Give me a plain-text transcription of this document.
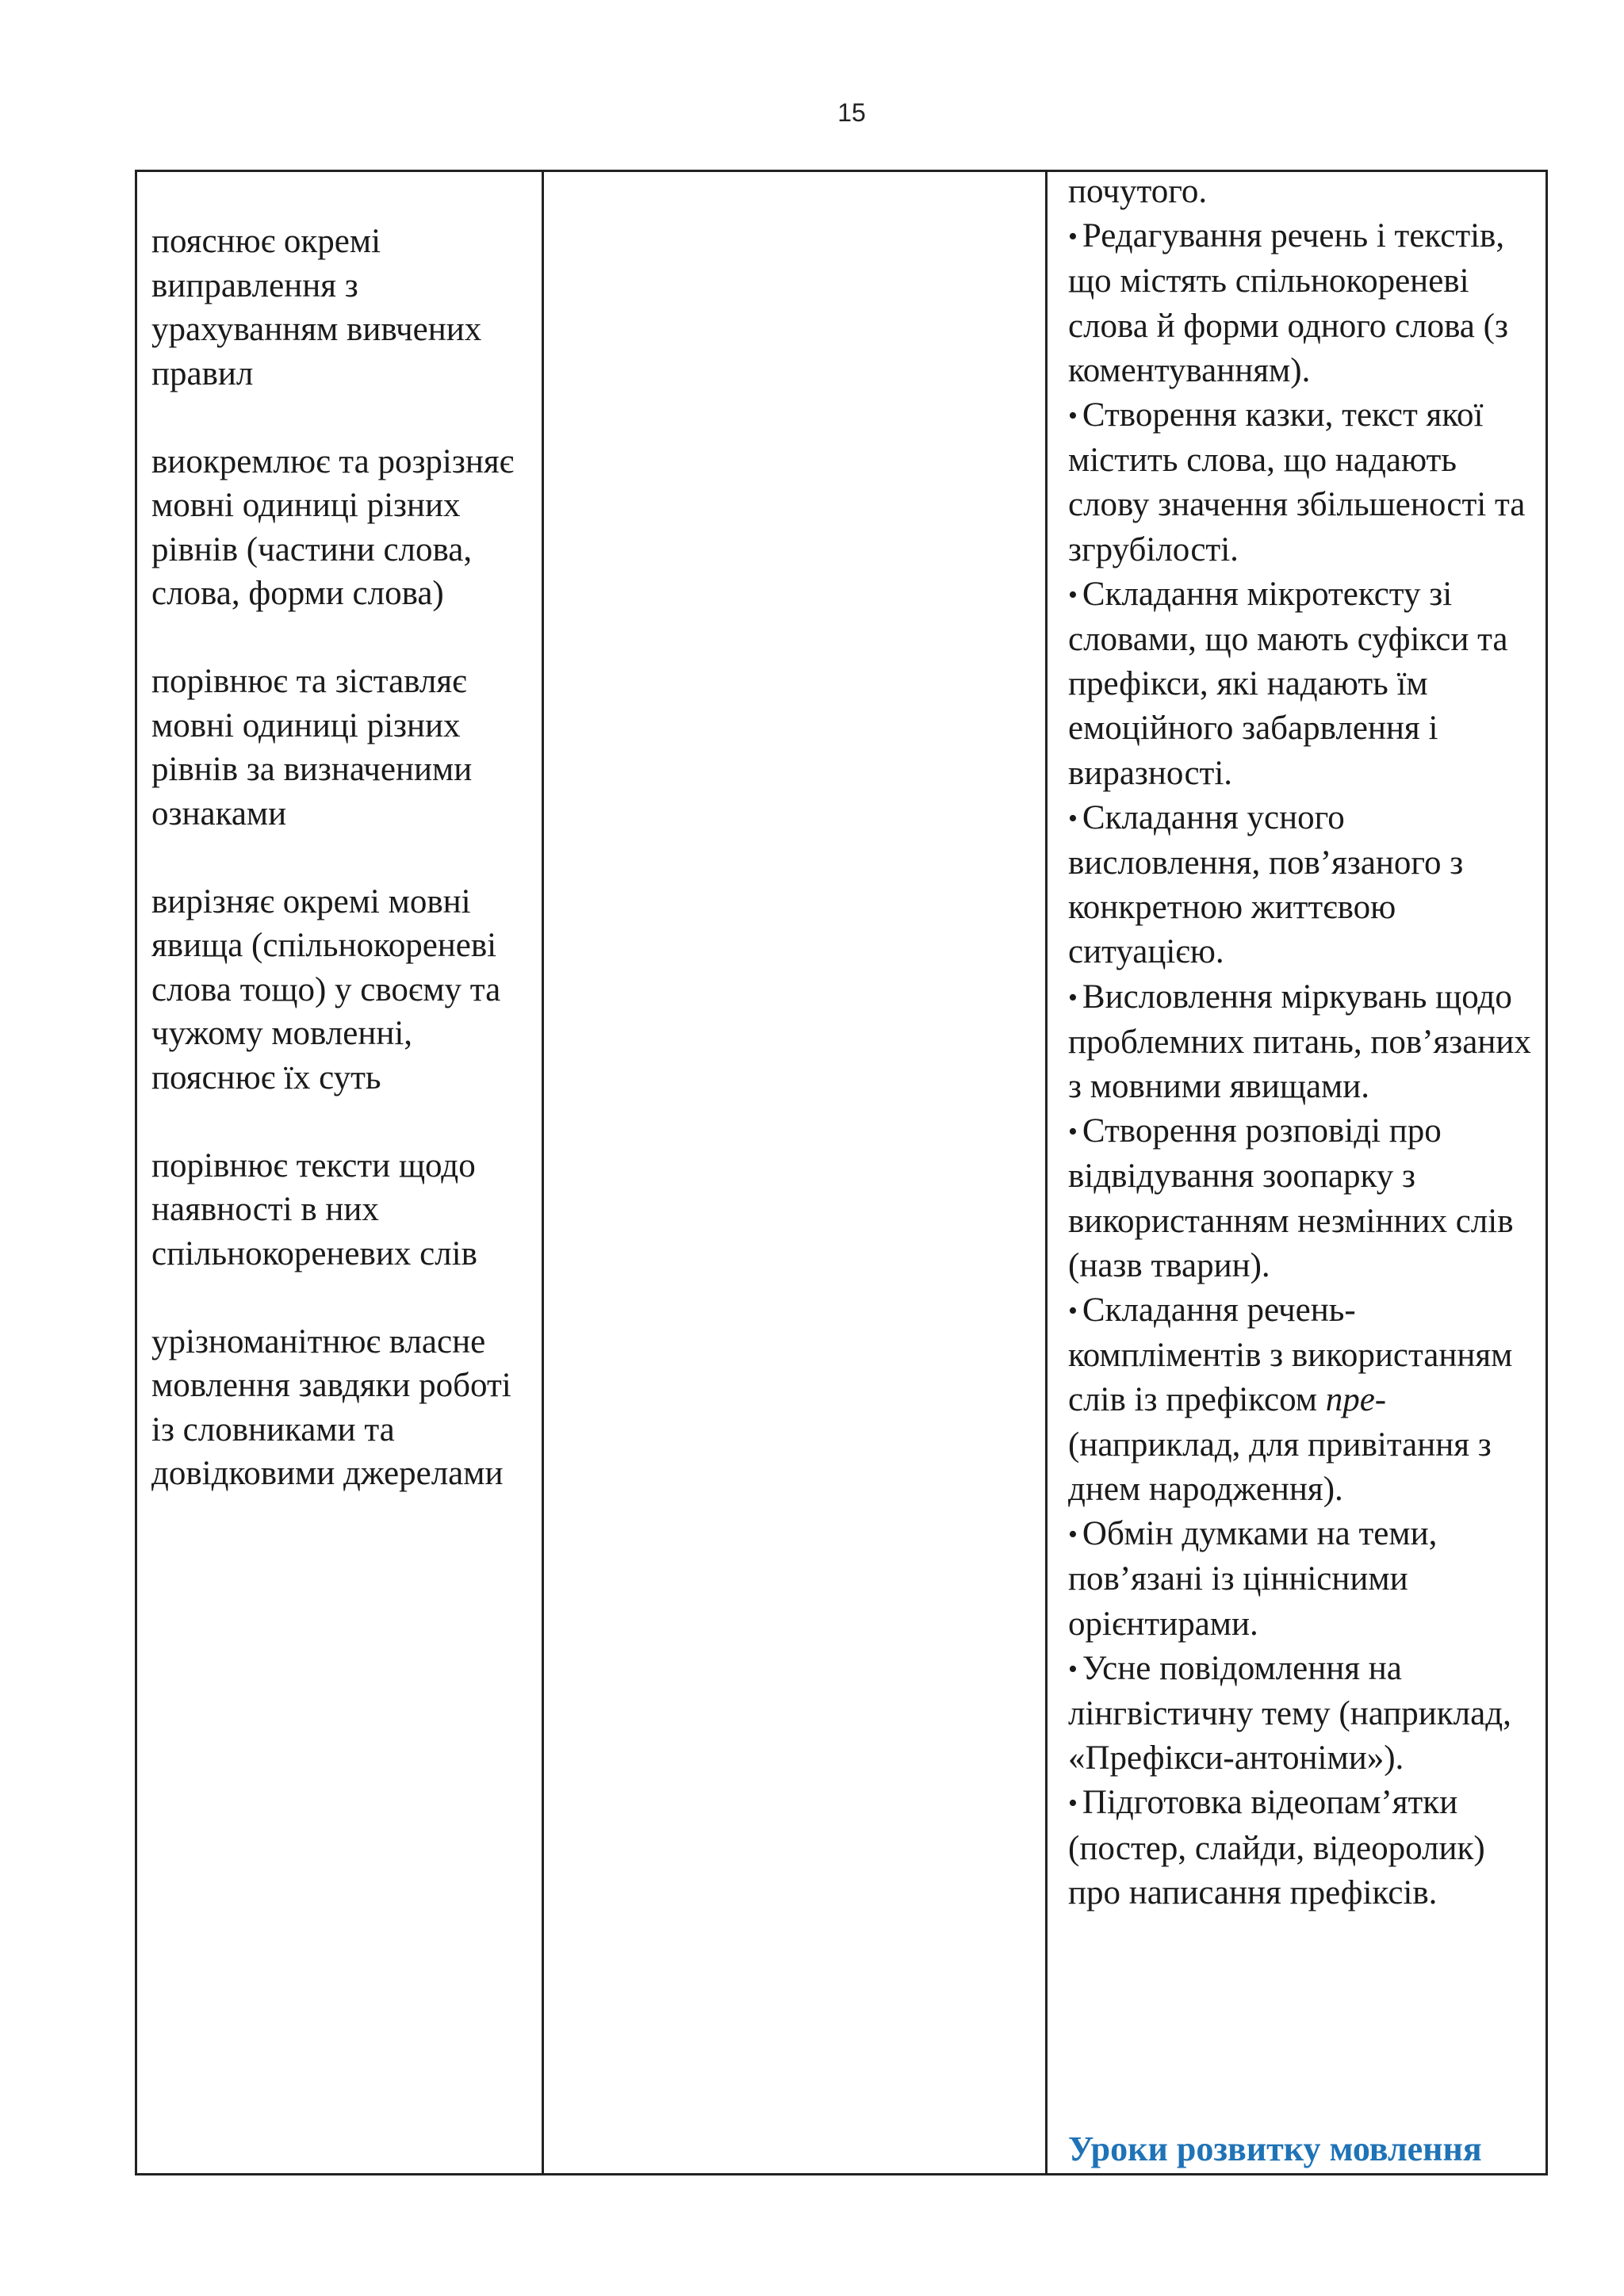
15

пояснює окремі виправлення з урахуванням вивчених правил

виокремлює та розрізняє мовні одиниці різних рівнів (частини слова, слова, форми слова)

порівнює та зіставляє мовні одиниці різних рівнів за визначеними ознаками

вирізняє окремі мовні явища (спільнокореневі слова тощо) у своєму та чужому мовленні, пояснює їх суть

порівнює тексти щодо наявності в них спільнокореневих слів

урізноманітнює власне мовлення завдяки роботі із словниками та довідковими джерелами

почутого.
• Редагування речень і текстів, що містять спільнокореневі слова й форми одного слова (з коментуванням).
• Створення казки, текст якої містить слова, що надають слову значення збільшеності та згрубілості.
• Складання мікротексту зі словами, що мають суфікси та префікси, які надають їм емоційного забарвлення і виразності.
• Складання усного висловлення, пов’язаного з конкретною життєвою ситуацією.
• Висловлення міркувань щодо проблемних питань, пов’язаних з мовними явищами.
• Створення розповіді про відвідування зоопарку з використанням незмінних слів (назв тварин).
• Складання речень-компліментів з використанням слів із префіксом пре- (наприклад, для привітання з днем народження).
• Обмін думками на теми, пов’язані із ціннісними орієнтирами.
• Усне повідомлення на лінгвістичну тему (наприклад, «Префікси-антоніми»).
• Підготовка відеопам’ятки (постер, слайди, відеоролик) про написання префіксів.
Уроки розвитку мовлення
